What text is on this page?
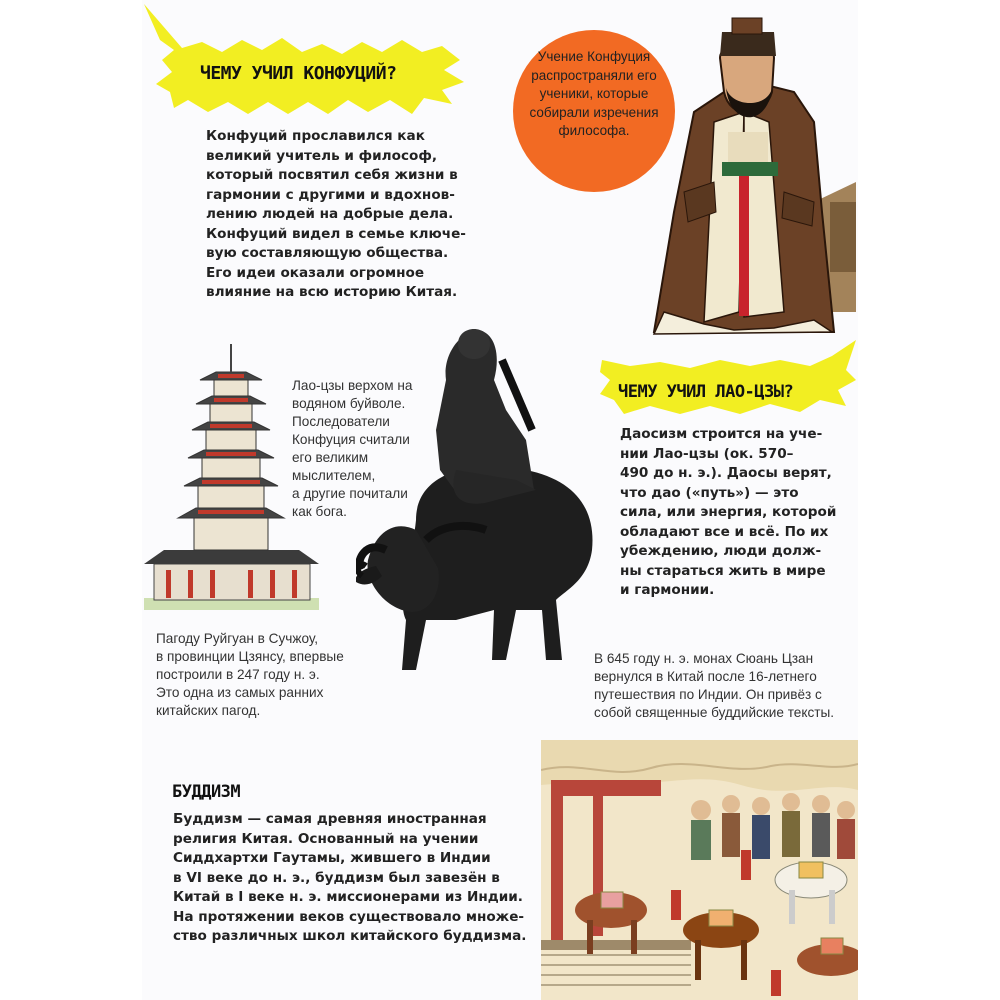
ЧЕМУ УЧИЛ КОНФУЦИЙ?
Конфуций прославился как
великий учитель и философ,
который посвятил себя жизни в
гармонии с другими и вдохнов-
лению людей на добрые дела.
Конфуций видел в семье ключе-
вую составляющую общества.
Его идеи оказали огромное
влияние на всю историю Китая.
Учение Конфуция
распространяли его
ученики, которые
собирали изречения
философа.
ЧЕМУ УЧИЛ ЛАО-ЦЗЫ?
Даосизм строится на уче-
нии Лао-цзы (ок. 570–
490 до н. э.). Даосы верят,
что дао («путь») — это
сила, или энергия, которой
обладают все и всё. По их
убеждению, люди долж-
ны стараться жить в мире
и гармонии.
Лао-цзы верхом на
водяном буйволе.
Последователи
Конфуция считали
его великим
мыслителем,
а другие почитали
как бога.
Пагоду Руйгуан в Сучжоу,
в провинции Цзянсу, впервые
построили в 247 году н. э.
Это одна из самых ранних
китайских пагод.
В 645 году н. э. монах Сюань Цзан
вернулся в Китай после 16-летнего
путешествия по Индии. Он привёз с
собой священные буддийские тексты.
БУДДИЗМ
Буддизм — самая древняя иностранная
религия Китая. Основанный на учении
Сиддхартхи Гаутамы, жившего в Индии
в VI веке до н. э., буддизм был завезён в
Китай в I веке н. э. миссионерами из Индии.
На протяжении веков существовало множе-
ство различных школ китайского буддизма.
